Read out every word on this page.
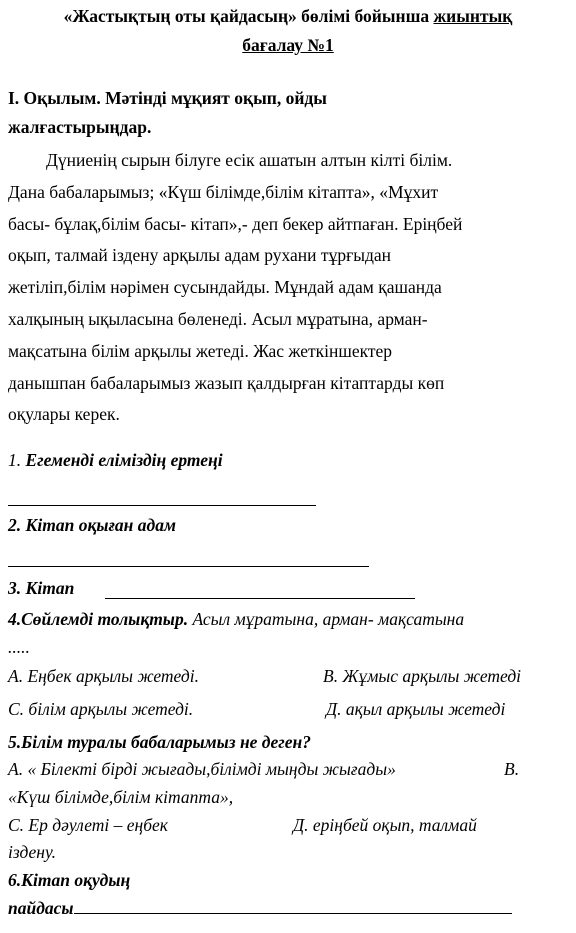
«Жастықтың оты қайдасың» бөлімі бойынша жиынтық
бағалау №1
I. Оқылым. Мәтінді мұқият оқып, ойды
жалғастырыңдар.
Дүниенің сырын білуге есік ашатын алтын кілті білім.
Дана бабаларымыз; «Күш білімде,білім кітапта», «Мұхит
басы- бұлақ,білім басы- кітап»,- деп бекер айтпаған. Еріңбей
оқып, талмай іздену арқылы адам рухани тұрғыдан
жетіліп,білім нәрімен сусындайды. Мұндай адам қашанда
халқының ықыласына бөленеді. Асыл мұратына, арман-
мақсатына білім арқылы жетеді. Жас жеткіншектер
данышпан бабаларымыз жазып қалдырған кітаптарды көп
оқулары керек.
1. Егеменді еліміздің ертеңі
2. Кітап оқыған адам
3. Кітап
4.Сөйлемді толықтыр. Асыл мұратына, арман- мақсатына
.....
А. Еңбек арқылы жетеді.	В. Жұмыс арқылы жетеді
С. білім арқылы жетеді.	Д. ақыл арқылы жетеді
5.Білім туралы бабаларымыз не деген?
А. « Білекті бірді жығады,білімді мыңды жығады»	В.
«Күш білімде,білім кітапта»,
С. Ер дәулеті – еңбек	Д. еріңбей оқып, талмай
іздену.
6.Кітап оқудың
пайдасы
